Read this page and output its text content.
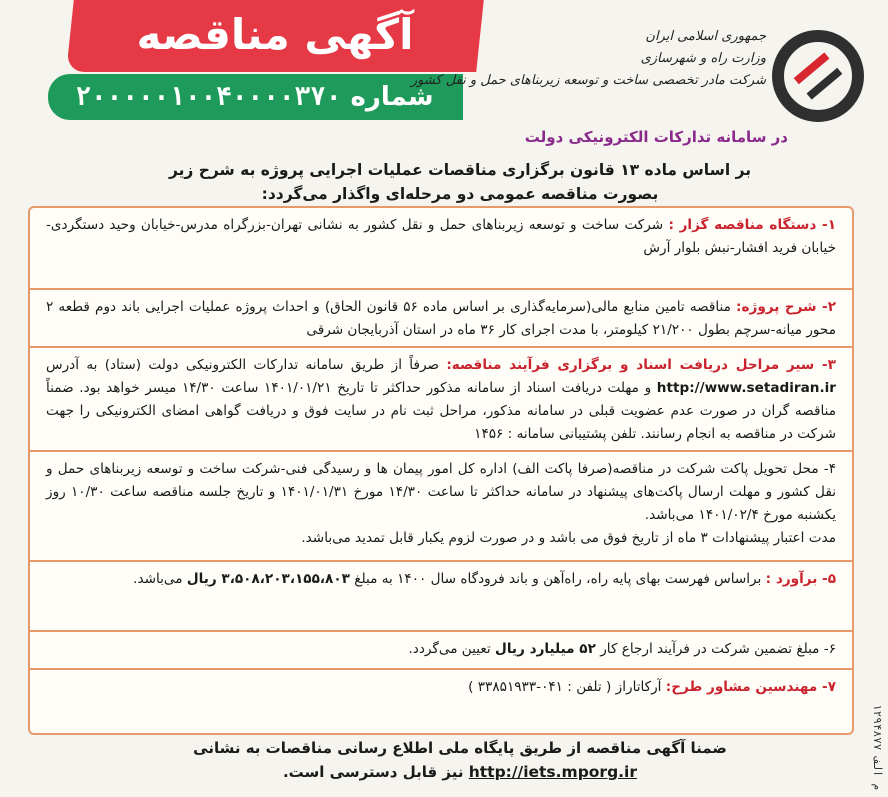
آگهی مناقصه
شماره ۲۰۰۰۰۰۱۰۰۴۰۰۰۰۳۷۰
جمهوری اسلامی ایران
وزارت راه و شهرسازی
شرکت مادر تخصصی ساخت و توسعه زیربناهای حمل و نقل کشور
در سامانه تدارکات الکترونیکی دولت
بر اساس ماده ۱۳ قانون برگزاری مناقصات عملیات اجرایی پروژه به شرح زیر
بصورت مناقصه عمومی دو مرحله‌ای واگذار می‌گردد:
۱- دستگاه مناقصه گزار : شرکت ساخت و توسعه زیربناهای حمل و نقل کشور به نشانی تهران-بزرگراه مدرس-خیابان وحید دستگردی-خیابان فرید افشار-نبش بلوار آرش
۲- شرح پروژه: مناقصه تامین منابع مالی(سرمایه‌گذاری بر اساس ماده ۵۶ قانون الحاق) و احداث پروژه عملیات اجرایی باند دوم قطعه ۲ محور میانه-سرچم بطول ۲۱/۲۰۰ کیلومتر، با مدت اجرای کار ۳۶ ماه در استان آذربایجان شرقی
۳- سیر مراحل دریافت اسناد و برگزاری فرآیند مناقصه: صرفاً از طریق سامانه تدارکات الکترونیکی دولت (ستاد) به آدرس http://www.setadiran.ir و مهلت دریافت اسناد از سامانه مذکور حداکثر تا تاریخ ۱۴۰۱/۰۱/۲۱ ساعت ۱۴/۳۰ میسر خواهد بود. ضمناً مناقصه گران در صورت عدم عضویت قبلی در سامانه مذکور، مراحل ثبت نام در سایت فوق و دریافت گواهی امضای الکترونیکی را جهت شرکت در مناقصه به انجام رسانند. تلفن پشتیبانی سامانه : ۱۴۵۶
۴- محل تحویل پاکت شرکت در مناقصه(صرفا پاکت الف) اداره کل امور پیمان ها و رسیدگی فنی-شرکت ساخت و توسعه زیربناهای حمل و نقل کشور و مهلت ارسال پاکت‌های پیشنهاد در سامانه حداکثر تا ساعت ۱۴/۳۰ مورخ ۱۴۰۱/۰۱/۳۱ و تاریخ جلسه مناقصه ساعت ۱۰/۳۰ روز یکشنبه مورخ ۱۴۰۱/۰۲/۴ می‌باشد.
مدت اعتبار پیشنهادات ۳ ماه از تاریخ فوق می باشد و در صورت لزوم یکبار قابل تمدید می‌باشد.
۵- برآورد : براساس فهرست بهای پایه راه، راه‌آهن و باند فرودگاه سال ۱۴۰۰ به مبلغ ۳،۵۰۸،۲۰۳،۱۵۵،۸۰۳ ریال می‌باشد.
۶- مبلغ تضمین شرکت در فرآیند ارجاع کار ۵۲ میلیارد ریال تعیین می‌گردد.
۷- مهندسین مشاور طرح: آرکاتاراز ( تلفن : ۰۴۱-۳۳۸۵۱۹۳۳ )
ضمنا آگهی مناقصه از طریق پایگاه ملی اطلاع رسانی مناقصات به نشانی
http://iets.mporg.ir نیز قابل دسترسی است.
م الف ۱۲۹۴۸۷۷
